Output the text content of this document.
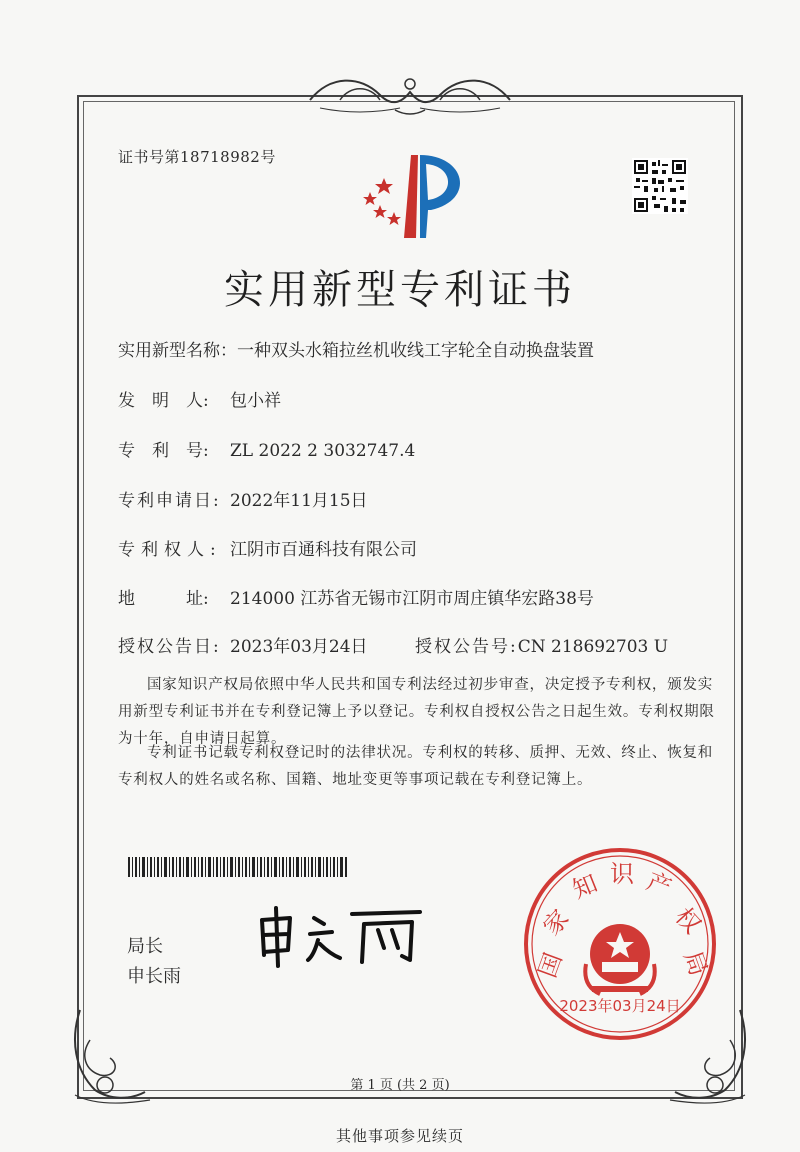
证书号第18718982号
实用新型专利证书
实用新型名称：一种双头水箱拉丝机收线工字轮全自动换盘装置
发　明　人: 包小祥
专　利　号: ZL 2022 2 3032747.4
专利申请日: 2022年11月15日
专利权人: 江阴市百通科技有限公司
地　　　址: 214000 江苏省无锡市江阴市周庄镇华宏路38号
授权公告日: 2023年03月24日	授权公告号:CN 218692703 U
国家知识产权局依照中华人民共和国专利法经过初步审查，决定授予专利权，颁发实用新型专利证书并在专利登记簿上予以登记。专利权自授权公告之日起生效。专利权期限为十年，自申请日起算。
专利证书记载专利权登记时的法律状况。专利权的转移、质押、无效、终止、恢复和专利权人的姓名或名称、国籍、地址变更等事项记载在专利登记簿上。
局长
申长雨	国
家
知 识 产
权
局
2023年03月24日
第 1 页 (共 2 页)
其他事项参见续页
